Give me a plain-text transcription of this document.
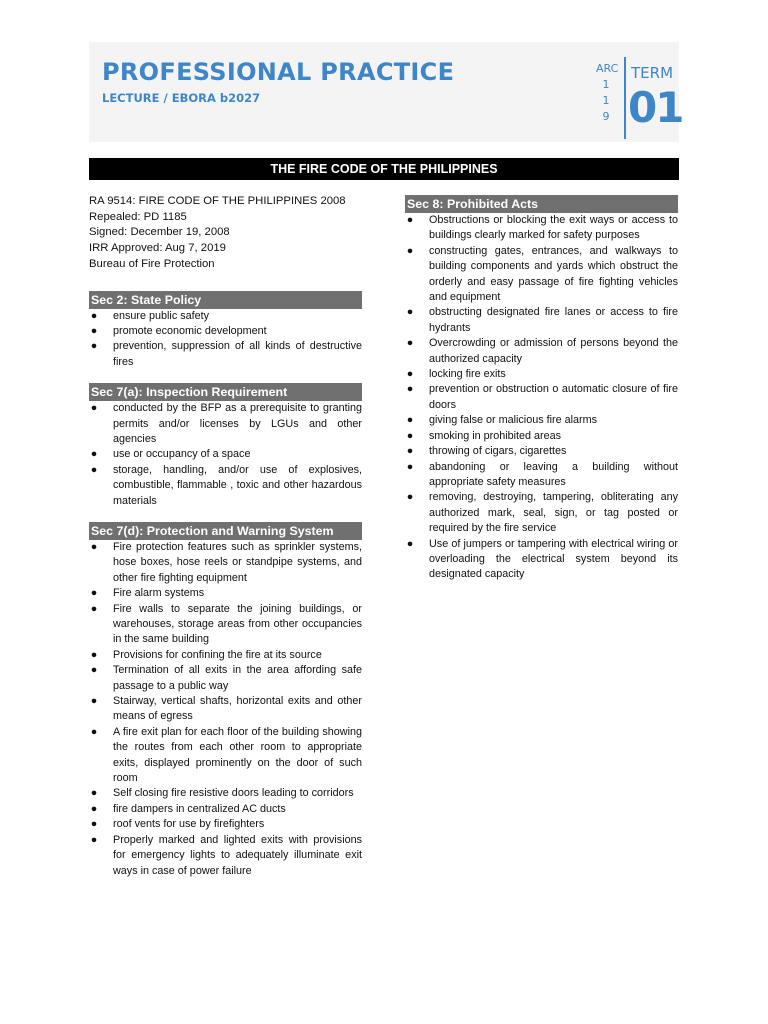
PROFESSIONAL PRACTICE
LECTURE / EBORA b2027
ARC
1
1
9
TERM
01
THE FIRE CODE OF THE PHILIPPINES
RA 9514: FIRE CODE OF THE PHILIPPINES 2008
Repealed: PD 1185
Signed: December 19, 2008
IRR Approved: Aug 7, 2019
Bureau of Fire Protection
Sec 2: State Policy
● ensure public safety
● promote economic development
● prevention, suppression of all kinds of destructive fires
Sec 7(a): Inspection Requirement
● conducted by the BFP as a prerequisite to granting permits and/or licenses by LGUs and other agencies
● use or occupancy of a space
● storage, handling, and/or use of explosives, combustible, flammable , toxic and other hazardous materials
Sec 7(d): Protection and Warning System
● Fire protection features such as sprinkler systems, hose boxes, hose reels or standpipe systems, and other fire fighting equipment
● Fire alarm systems
● Fire walls to separate the joining buildings, or warehouses, storage areas from other occupancies in the same building
● Provisions for confining the fire at its source
● Termination of all exits in the area affording safe passage to a public way
● Stairway, vertical shafts, horizontal exits and other means of egress
● A fire exit plan for each floor of the building showing the routes from each other room to appropriate exits, displayed prominently on the door of such room
● Self closing fire resistive doors leading to corridors
● fire dampers in centralized AC ducts
● roof vents for use by firefighters
● Properly marked and lighted exits with provisions for emergency lights to adequately illuminate exit ways in case of power failure
Sec 8: Prohibited Acts
● Obstructions or blocking the exit ways or access to buildings clearly marked for safety purposes
● constructing gates, entrances, and walkways to building components and yards which obstruct the orderly and easy passage of fire fighting vehicles and equipment
● obstructing designated fire lanes or access to fire hydrants
● Overcrowding or admission of persons beyond the authorized capacity
● locking fire exits
● prevention or obstruction o automatic closure of fire doors
● giving false or malicious fire alarms
● smoking in prohibited areas
● throwing of cigars, cigarettes
● abandoning or leaving a building without appropriate safety measures
● removing, destroying, tampering, obliterating any authorized mark, seal, sign, or tag posted or required by the fire service
● Use of jumpers or tampering with electrical wiring or overloading the electrical system beyond its designated capacity
